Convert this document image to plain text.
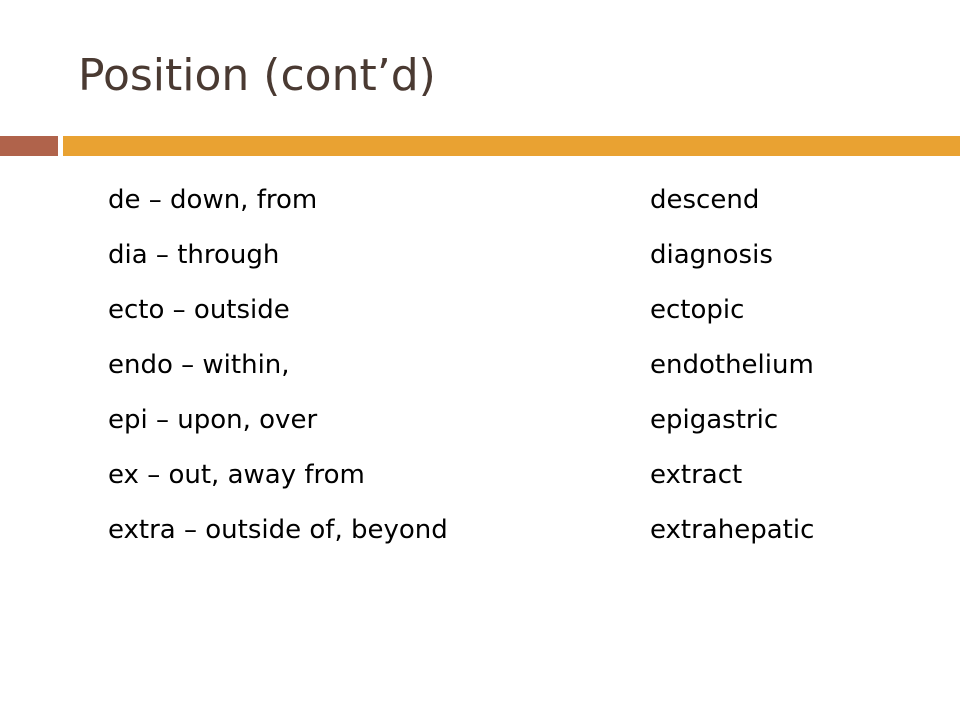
Position (cont’d)
de – down, from	descend
dia – through	diagnosis
ecto – outside	ectopic
endo – within,	endothelium
epi – upon, over	epigastric
ex – out, away from	extract
extra – outside of, beyond	extrahepatic
